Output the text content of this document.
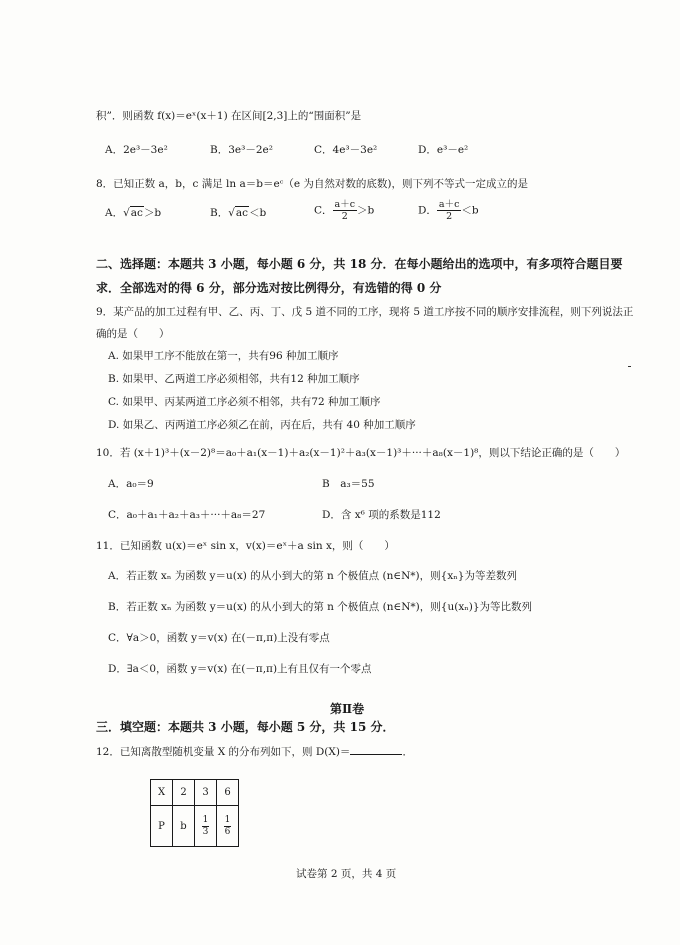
积”．则函数 f(x)＝eˣ(x＋1) 在区间[2,3]上的“围面积”是
A．2e³－3e²	B．3e³－2e²	C．4e³－3e²	D．e³－e²
8．已知正数 a，b，c 满足 ln a＝b＝eᶜ（e 为自然对数的底数)，则下列不等式一定成立的是
A．√ac＞b	B．√ac＜b	C． $\frac{a+c}{2} >b$	D． $\frac{a+c}{2} <b$
二、选择题：本题共 3 小题，每小题 6 分，共 18 分．在每小题给出的选项中，有多项符合题目要
求．全部选对的得 6 分，部分选对按比例得分，有选错的得 0 分
9．某产品的加工过程有甲、乙、丙、丁、戊 5 道不同的工序，现将 5 道工序按不同的顺序安排流程，则下列说法正
确的是（　　）
A. 如果甲工序不能放在第一，共有96 种加工顺序
B. 如果甲、乙两道工序必须相邻，共有12 种加工顺序
C. 如果甲、丙某两道工序必须不相邻，共有72 种加工顺序
D. 如果乙、丙两道工序必须乙在前，丙在后，共有 40 种加工顺序
10．若 (x＋1)³＋(x－2)⁸＝a₀＋a₁(x－1)＋a₂(x－1)²＋a₃(x－1)³＋···＋a₈(x－1)⁸，则以下结论正确的是（　　）
A．a₀＝9	B　a₃＝55
C．a₀＋a₁＋a₂＋a₃＋···＋a₈＝27	D．含 x⁶ 项的系数是112
11．已知函数 u(x)＝eˣ sin x，v(x)＝eˣ＋a sin x，则（　　）
A．若正数 xₙ 为函数 y＝u(x) 的从小到大的第 n 个极值点 (n∈N*)，则{xₙ}为等差数列
B．若正数 xₙ 为函数 y＝u(x) 的从小到大的第 n 个极值点 (n∈N*)，则{u(xₙ)}为等比数列
C．∀a＞0，函数 y＝v(x) 在(－π,π)上没有零点
D．∃a＜0，函数 y＝v(x) 在(－π,π)上有且仅有一个零点
第Ⅱ卷
三．填空题：本题共 3 小题，每小题 5 分，共 15 分．
12．已知离散型随机变量 X 的分布列如下，则 D(X)＝	．
X	2	3	6
P	b	$\frac{1}{3}$	$\frac{1}{6}$
试卷第 2 页，共 4 页
